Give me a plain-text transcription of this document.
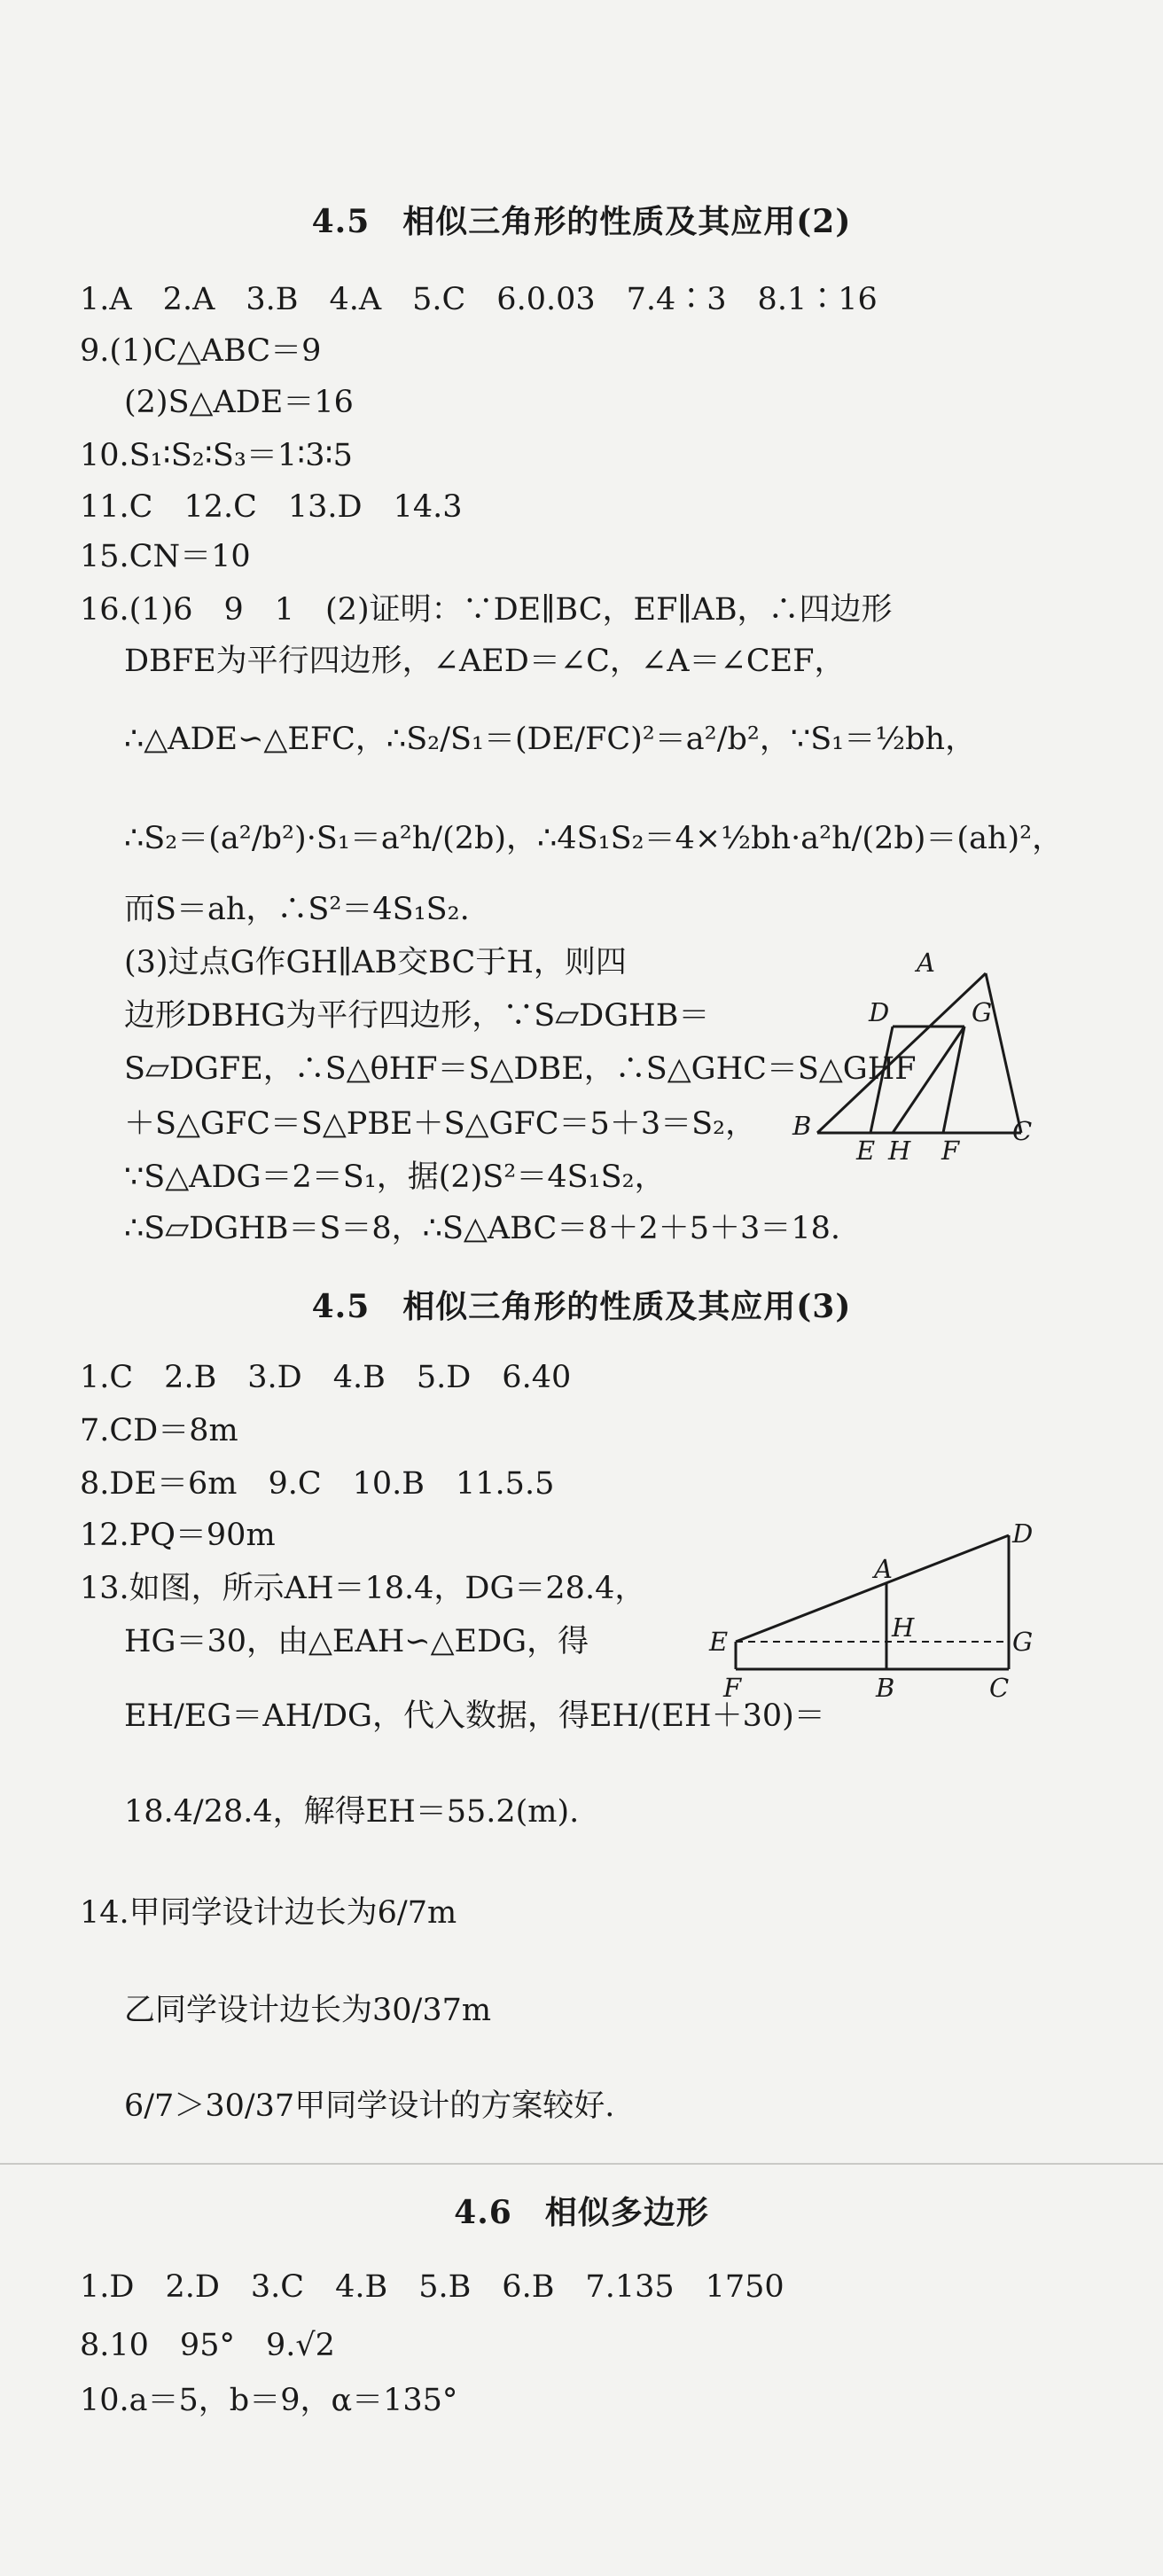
4.5　相似三角形的性质及其应用(2)
1.A　2.A　3.B　4.A　5.C　6.0.03　7.4∶3　8.1∶16
9.(1)C△ABC＝9
(2)S△ADE＝16
10.S₁∶S₂∶S₃＝1∶3∶5
11.C　12.C　13.D　14.3
15.CN＝10
16.(1)6　9　1　(2)证明：∵DE∥BC，EF∥AB，∴四边形
DBFE为平行四边形，∠AED＝∠C，∠A＝∠CEF，
∴△ADE∽△EFC，∴S₂/S₁＝(DE/FC)²＝a²/b²，∵S₁＝½bh，
∴S₂＝(a²/b²)·S₁＝a²h/(2b)，∴4S₁S₂＝4×½bh·a²h/(2b)＝(ah)²，
而S＝ah，∴S²＝4S₁S₂.
(3)过点G作GH∥AB交BC于H，则四
边形DBHG为平行四边形，∵S▱DGHB＝
S▱DGFE，∴S△θHF＝S△DBE，∴S△GHC＝S△GHF
＋S△GFC＝S△PBE＋S△GFC＝5＋3＝S₂，
∵S△ADG＝2＝S₁，据(2)S²＝4S₁S₂，
∴S▱DGHB＝S＝8，∴S△ABC＝8＋2＋5＋3＝18.
A
D	G
B
E H F
C
4.5　相似三角形的性质及其应用(3)
1.C　2.B　3.D　4.B　5.D　6.40
7.CD＝8m
8.DE＝6m　9.C　10.B　11.5.5
12.PQ＝90m
13.如图，所示AH＝18.4，DG＝28.4，
HG＝30，由△EAH∽△EDG，得
EH/EG＝AH/DG，代入数据，得EH/(EH＋30)＝
18.4/28.4，解得EH＝55.2(m).
14.甲同学设计边长为6/7m
乙同学设计边长为30/37m
6/7＞30/37甲同学设计的方案较好.
A
D
E	H	G
F	B	C
4.6　相似多边形
1.D　2.D　3.C　4.B　5.B　6.B　7.135　1750
8.10　95°　9.√2
10.a＝5，b＝9，α＝135°
